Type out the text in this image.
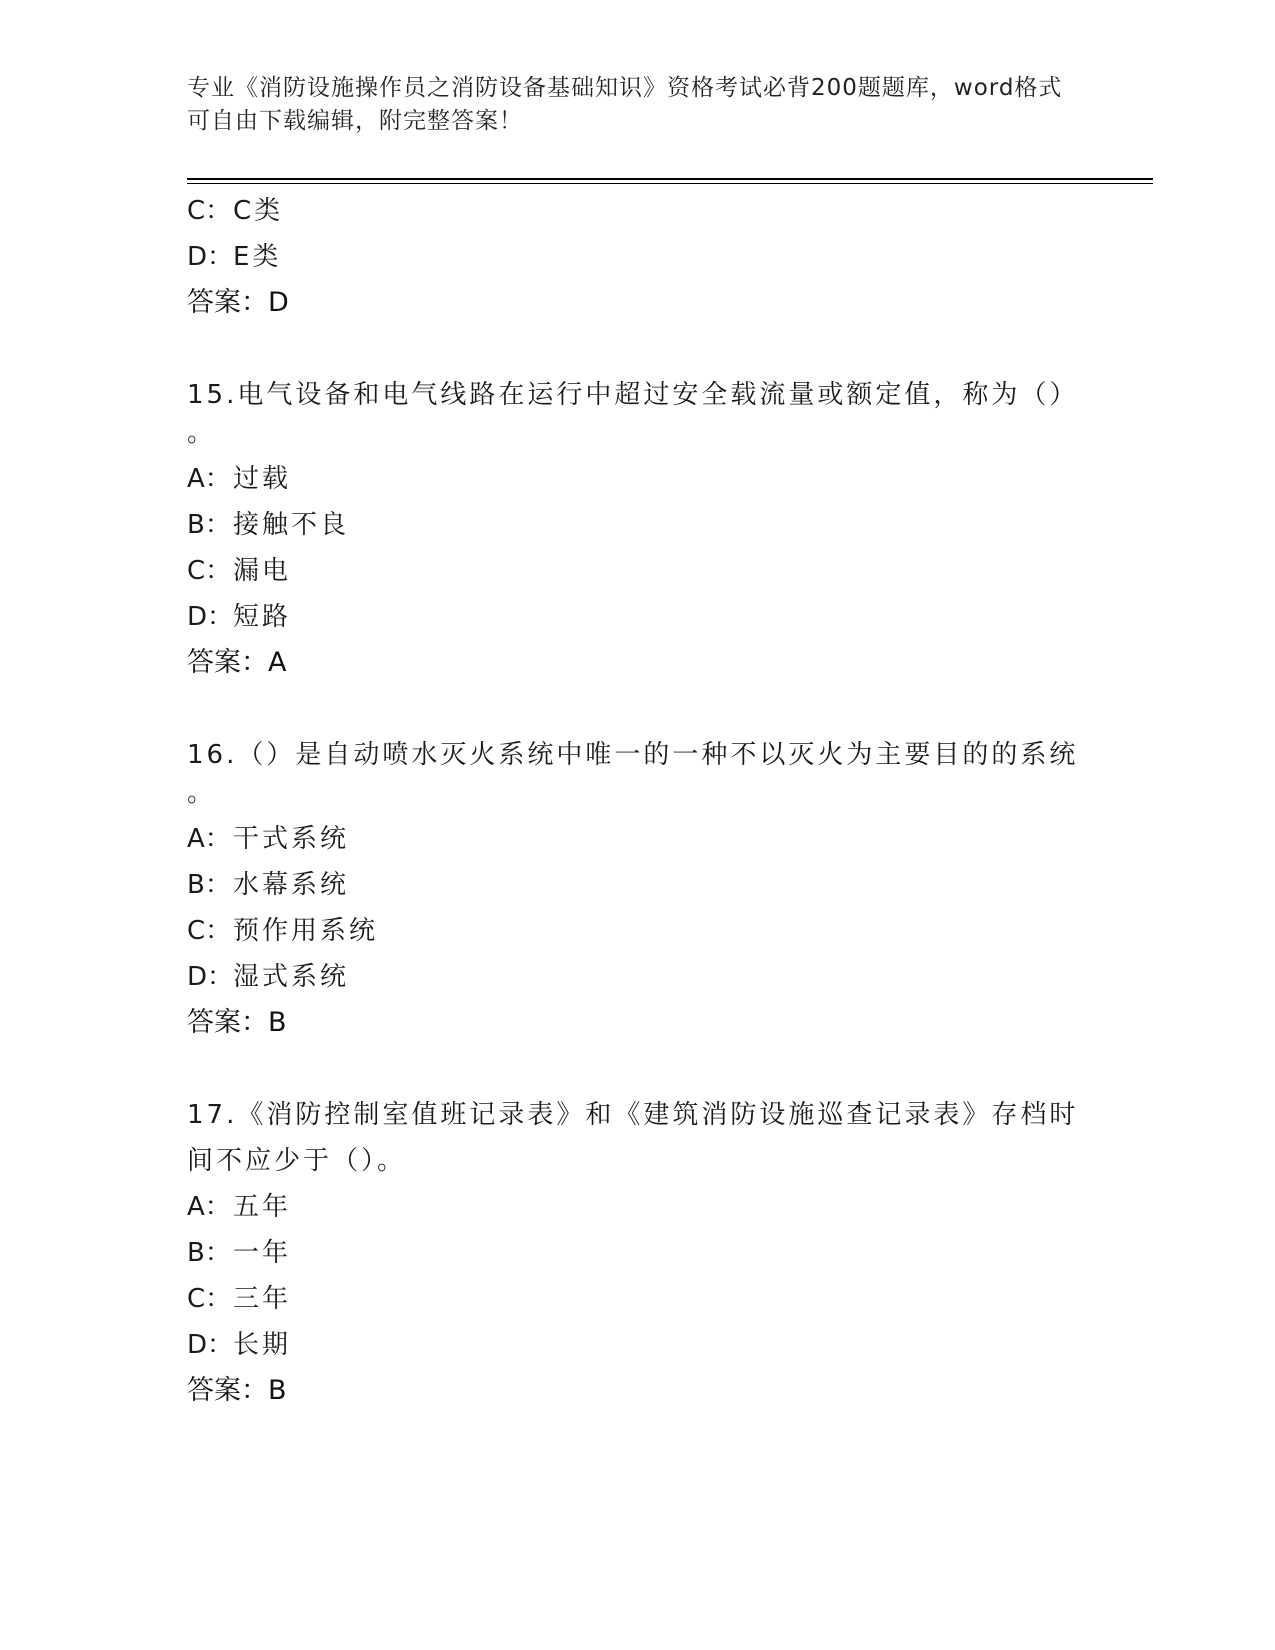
专业《消防设施操作员之消防设备基础知识》资格考试必背200题题库，word格式可自由下载编辑，附完整答案！
C：C类
D：E类
答案：D
15.电气设备和电气线路在运行中超过安全载流量或额定值，称为（）
。
A：过载
B：接触不良
C：漏电
D：短路
答案：A
16.（）是自动喷水灭火系统中唯一的一种不以灭火为主要目的的系统
。
A：干式系统
B：水幕系统
C：预作用系统
D：湿式系统
答案：B
17.《消防控制室值班记录表》和《建筑消防设施巡查记录表》存档时
间不应少于（）。
A：五年
B：一年
C：三年
D：长期
答案：B
